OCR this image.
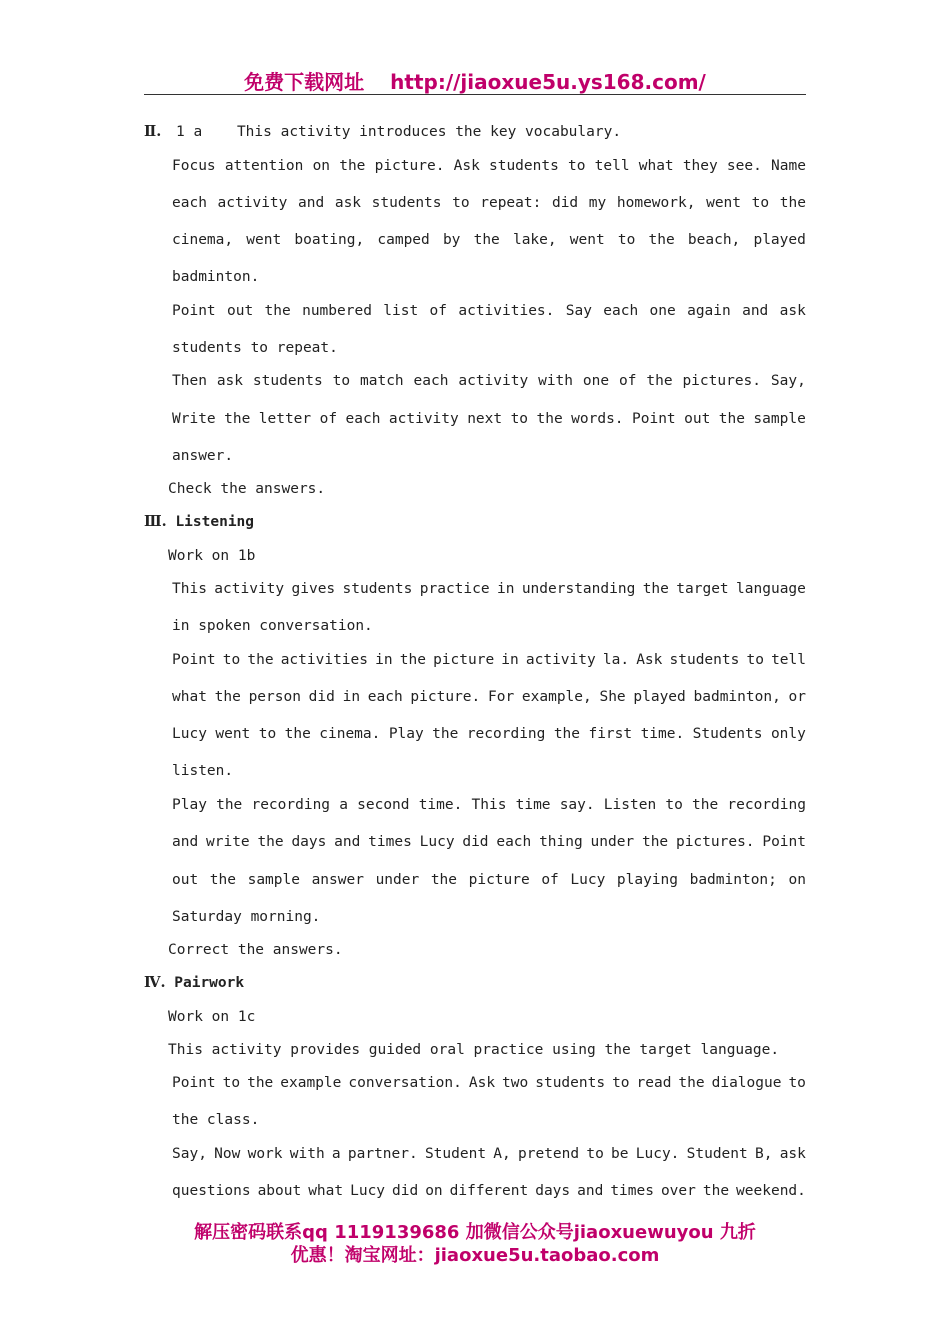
免费下载网址 http://jiaoxue5u.ys168.com/
Ⅱ. 1 a This activity introduces the key vocabulary.
Focus attention on the picture. Ask students to tell what they see. Name
each activity and ask students to repeat: did my homework, went to the
cinema, went boating, camped by the lake, went to the beach, played
badminton.
Point out the numbered list of activities. Say each one again and ask
students to repeat.
Then ask students to match each activity with one of the pictures. Say,
Write the letter of each activity next to the words. Point out the sample
answer.
Check the answers.
Ⅲ. Listening
Work on 1b
This activity gives students practice in understanding the target language
in spoken conversation.
Point to the activities in the picture in activity la. Ask students to tell
what the person did in each picture. For example, She played badminton, or
Lucy went to the cinema. Play the recording the first time. Students only
listen.
Play the recording a second time. This time say. Listen to the recording
and write the days and times Lucy did each thing under the pictures. Point
out the sample answer under the picture of Lucy playing badminton; on
Saturday morning.
Correct the answers.
Ⅳ. Pairwork
Work on 1c
This activity provides guided oral practice using the target language.
Point to the example conversation. Ask two students to read the dialogue to
the class.
Say, Now work with a partner. Student A, pretend to be Lucy. Student B, ask
questions about what Lucy did on different days and times over the weekend.
解压密码联系qq 1119139686 加微信公众号jiaoxuewuyou 九折
优惠！淘宝网址：jiaoxue5u.taobao.com
